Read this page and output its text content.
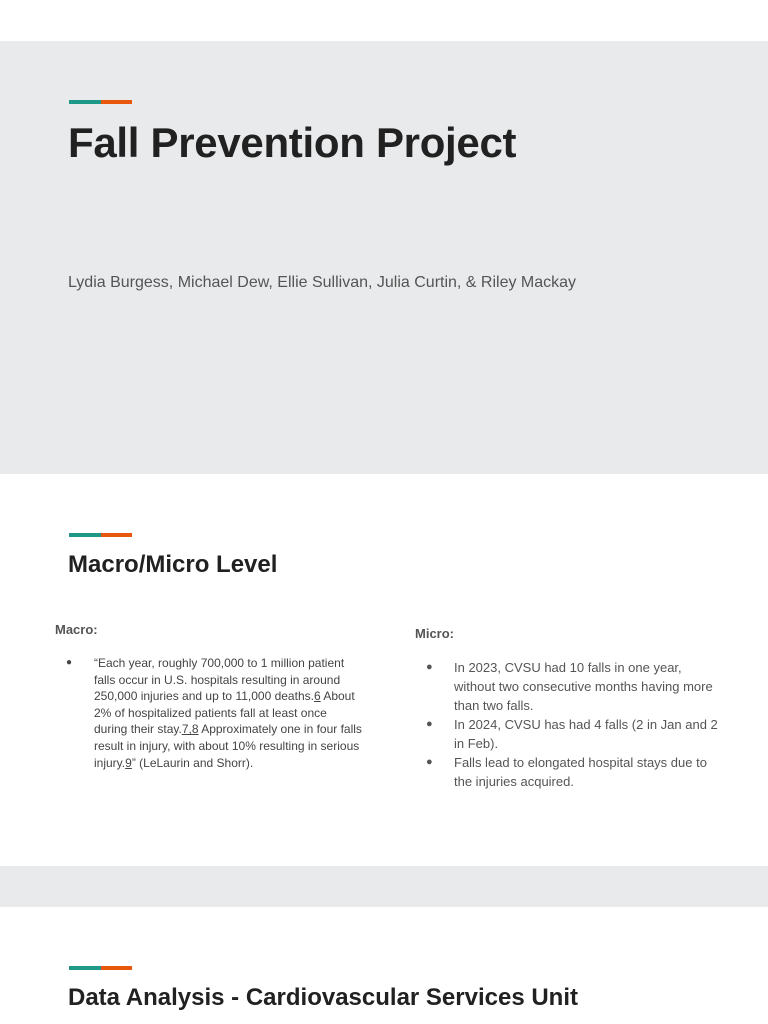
Fall Prevention Project
Lydia Burgess, Michael Dew, Ellie Sullivan, Julia Curtin, & Riley Mackay
Macro/Micro Level
Macro:
● “Each year, roughly 700,000 to 1 million patient falls occur in U.S. hospitals resulting in around 250,000 injuries and up to 11,000 deaths.6 About 2% of hospitalized patients fall at least once during their stay.7,8 Approximately one in four falls result in injury, with about 10% resulting in serious injury.9” (LeLaurin and Shorr).
Micro:
● In 2023, CVSU had 10 falls in one year, without two consecutive months having more than two falls.
● In 2024, CVSU has had 4 falls (2 in Jan and 2 in Feb).
● Falls lead to elongated hospital stays due to the injuries acquired.
Data Analysis - Cardiovascular Services Unit
